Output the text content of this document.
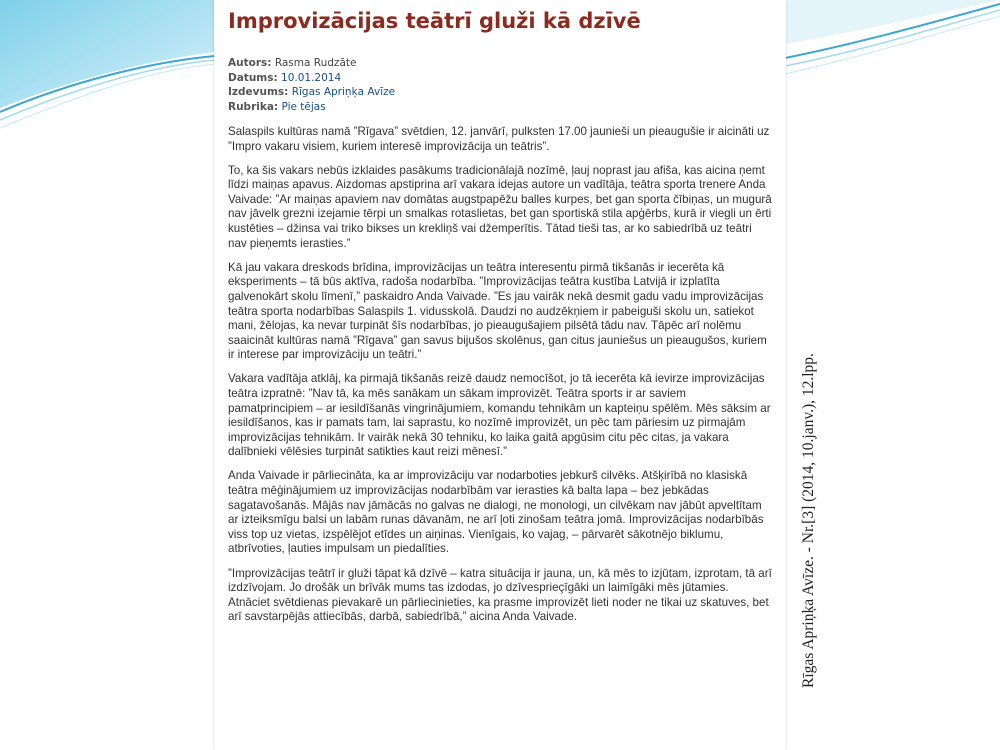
Improvizācijas teātrī gluži kā dzīvē
Autors: Rasma Rudzāte
Datums: 10.01.2014
Izdevums: Rīgas Apriņķa Avīze
Rubrika: Pie tējas

Salaspils kultūras namā ”Rīgava” svētdien, 12. janvārī, pulksten 17.00 jaunieši un pieaugušie ir aicināti uz ”Impro vakaru visiem, kuriem interesē improvizācija un teātris”.

To, ka šis vakars nebūs izklaides pasākums tradicionālajā nozīmē, ļauj noprast jau afiša, kas aicina ņemt līdzi maiņas apavus. Aizdomas apstiprina arī vakara idejas autore un vadītāja, teātra sporta trenere Anda Vaivade: ”Ar maiņas apaviem nav domātas augstpapēžu balles kurpes, bet gan sporta čībiņas, un mugurā nav jāvelk grezni izejamie tērpi un smalkas rotaslietas, bet gan sportiskā stila apģērbs, kurā ir viegli un ērti kustēties – džinsa vai triko bikses un krekliņš vai džemperītis. Tātad tieši tas, ar ko sabiedrībā uz teātri nav pieņemts ierasties.”

Kā jau vakara dreskods brīdina, improvizācijas un teātra interesentu pirmā tikšanās ir iecerēta kā eksperiments – tā būs aktīva, radoša nodarbība. ”Improvizācijas teātra kustība Latvijā ir izplatīta galvenokārt skolu līmenī,” paskaidro Anda Vaivade. ”Es jau vairāk nekā desmit gadu vadu improvizācijas teātra sporta nodarbības Salaspils 1. vidusskolā. Daudzi no audzēkņiem ir pabeiguši skolu un, satiekot mani, žēlojas, ka nevar turpināt šīs nodarbības, jo pieaugušajiem pilsētā tādu nav. Tāpēc arī nolēmu saaicināt kultūras namā ”Rīgava” gan savus bijušos skolēnus, gan citus jauniešus un pieaugušos, kuriem ir interese par improvizāciju un teātri.”

Vakara vadītāja atklāj, ka pirmajā tikšanās reizē daudz nemocīšot, jo tā iecerēta kā ievirze improvizācijas teātra izpratnē: ”Nav tā, ka mēs sanākam un sākam improvizēt. Teātra sports ir ar saviem pamatprincipiem – ar iesildīšanās vingrinājumiem, komandu tehnikām un kapteiņu spēlēm. Mēs sāksim ar iesildīšanos, kas ir pamats tam, lai saprastu, ko nozīmē improvizēt, un pēc tam pāriesim uz pirmajām improvizācijas tehnikām. Ir vairāk nekā 30 tehniku, ko laika gaitā apgūsim citu pēc citas, ja vakara dalībnieki vēlēsies turpināt satikties kaut reizi mēnesī.”

Anda Vaivade ir pārliecināta, ka ar improvizāciju var nodarboties jebkurš cilvēks. Atšķirībā no klasiskā teātra mēģinājumiem uz improvizācijas nodarbībām var ierasties kā balta lapa – bez jebkādas sagatavošanās. Mājās nav jāmācās no galvas ne dialogi, ne monologi, un cilvēkam nav jābūt apveltītam ar izteiksmīgu balsi un labām runas dāvanām, ne arī ļoti zinošam teātra jomā. Improvizācijas nodarbībās viss top uz vietas, izspēlējot etīdes un aiņinas. Vienīgais, ko vajag, – pārvarēt sākotnējo biklumu, atbrīvoties, ļauties impulsam un piedalīties.

”Improvizācijas teātrī ir gluži tāpat kā dzīvē – katra situācija ir jauna, un, kā mēs to izjūtam, izprotam, tā arī izdzīvojam. Jo drošāk un brīvāk mums tas izdodas, jo dzīvesprieçīgāki un laimīgāki mēs jūtamies. Atnāciet svētdienas pievakarē un pārliecinieties, ka prasme improvizēt lieti noder ne tikai uz skatuves, bet arī savstarpējās attiecībās, darbā, sabiedrībā,” aicina Anda Vaivade.	Rīgas Apriņķa Avīze. - Nr.[3] (2014, 10.janv.), 12.lpp.
